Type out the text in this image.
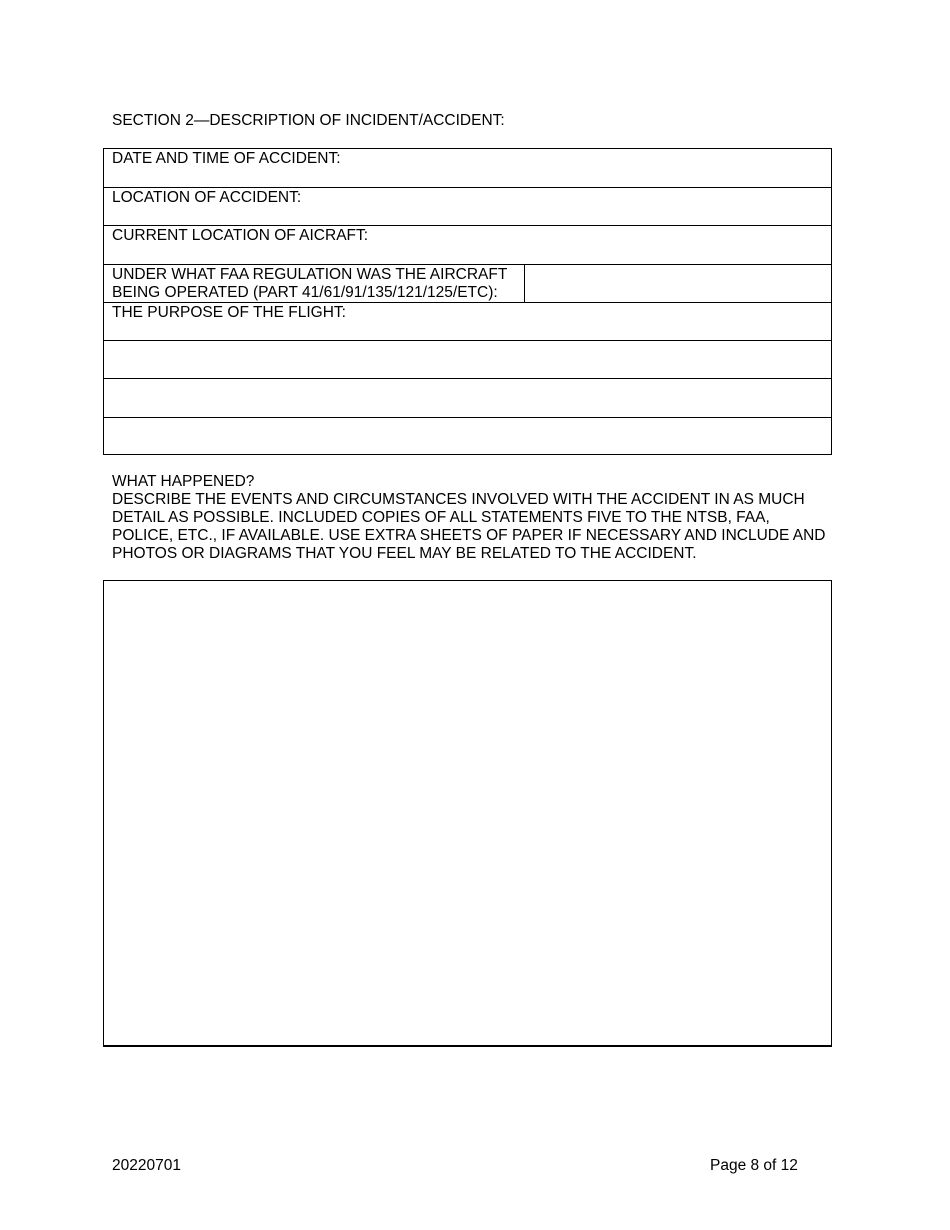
SECTION 2—DESCRIPTION OF INCIDENT/ACCIDENT:
DATE AND TIME OF ACCIDENT:
LOCATION OF ACCIDENT:
CURRENT LOCATION OF AICRAFT:
UNDER WHAT FAA REGULATION WAS THE AIRCRAFT
BEING OPERATED (PART 41/61/91/135/121/125/ETC):
THE PURPOSE OF THE FLIGHT:
WHAT HAPPENED?
DESCRIBE THE EVENTS AND CIRCUMSTANCES INVOLVED WITH THE ACCIDENT IN AS MUCH
DETAIL AS POSSIBLE. INCLUDED COPIES OF ALL STATEMENTS FIVE TO THE NTSB, FAA,
POLICE, ETC., IF AVAILABLE. USE EXTRA SHEETS OF PAPER IF NECESSARY AND INCLUDE AND
PHOTOS OR DIAGRAMS THAT YOU FEEL MAY BE RELATED TO THE ACCIDENT.
20220701	Page 8 of 12
